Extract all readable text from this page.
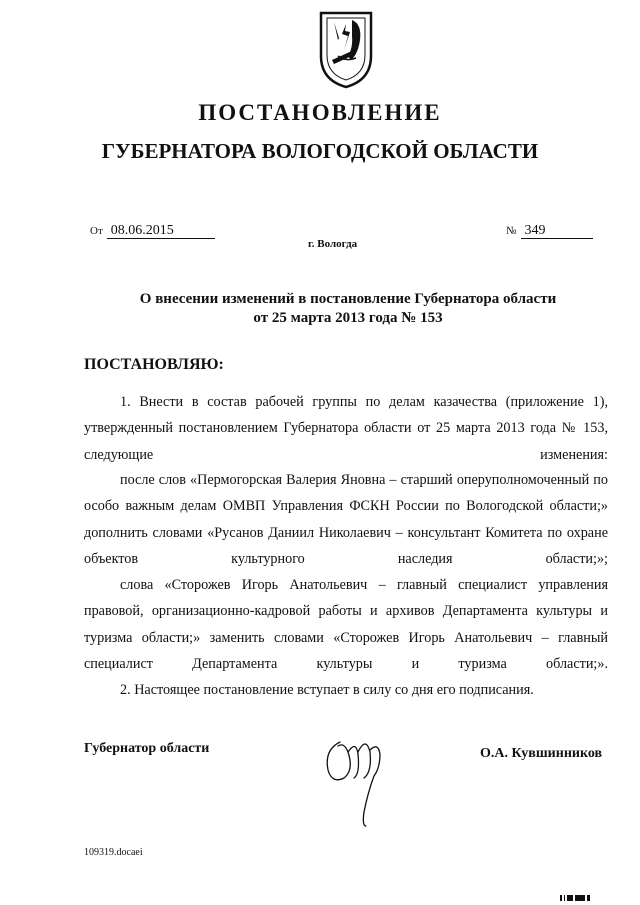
ПОСТАНОВЛЕНИЕ
ГУБЕРНАТОРА ВОЛОГОДСКОЙ ОБЛАСТИ
От 08.06.2015	№ 349
г. Вологда
О внесении изменений в постановление Губернатора области
от 25 марта 2013 года № 153
ПОСТАНОВЛЯЮ:
1. Внести в состав рабочей группы по делам казачества (приложение 1), утвержденный постановлением Губернатора области от 25 марта 2013 года № 153, следующие изменения:
после слов «Пермогорская Валерия Яновна – старший оперуполномоченный по особо важным делам ОМВП Управления ФСКН России по Вологодской области;» дополнить словами «Русанов Даниил Николаевич – консультант Комитета по охране объектов культурного наследия области;»;
слова «Сторожев Игорь Анатольевич – главный специалист управления правовой, организационно-кадровой работы и архивов Департамента культуры и туризма области;» заменить словами «Сторожев Игорь Анатольевич – главный специалист Департамента культуры и туризма области;».
2. Настоящее постановление вступает в силу со дня его подписания.
Губернатор области	О.А. Кувшинников
109319.docaei
